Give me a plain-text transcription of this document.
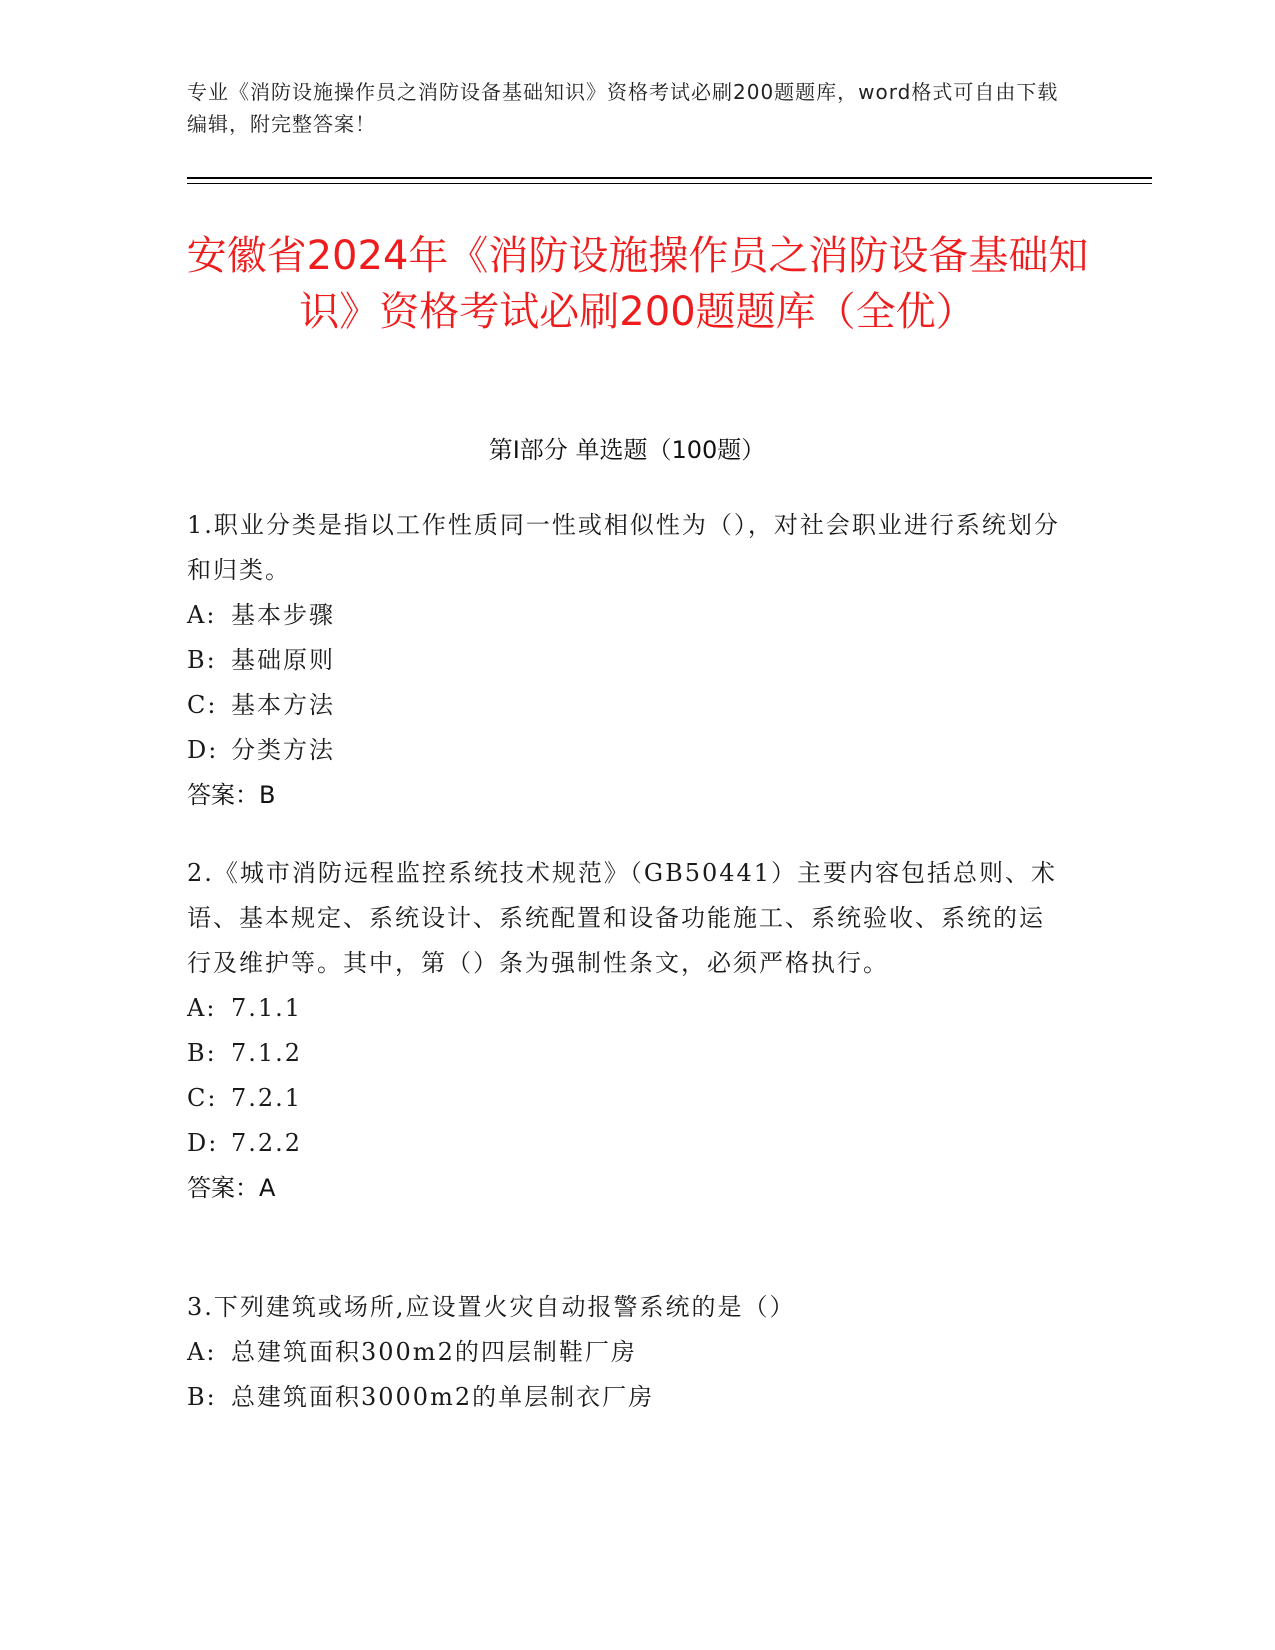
专业《消防设施操作员之消防设备基础知识》资格考试必刷200题题库，word格式可自由下载编辑，附完整答案！
安徽省2024年《消防设施操作员之消防设备基础知识》资格考试必刷200题题库（全优）
第I部分 单选题（100题）

1.职业分类是指以工作性质同一性或相似性为（），对社会职业进行系统划分和归类。

A: 基本步骤
B: 基础原则
C: 基本方法
D: 分类方法
答案：B

2.《城市消防远程监控系统技术规范》（GB50441）主要内容包括总则、术语、基本规定、系统设计、系统配置和设备功能施工、系统验收、系统的运行及维护等。其中，第（）条为强制性条文，必须严格执行。

A: 7.1.1
B: 7.1.2
C: 7.2.1
D: 7.2.2
答案：A

3.下列建筑或场所,应设置火灾自动报警系统的是（）

A: 总建筑面积300m2的四层制鞋厂房
B: 总建筑面积3000m2的单层制衣厂房
